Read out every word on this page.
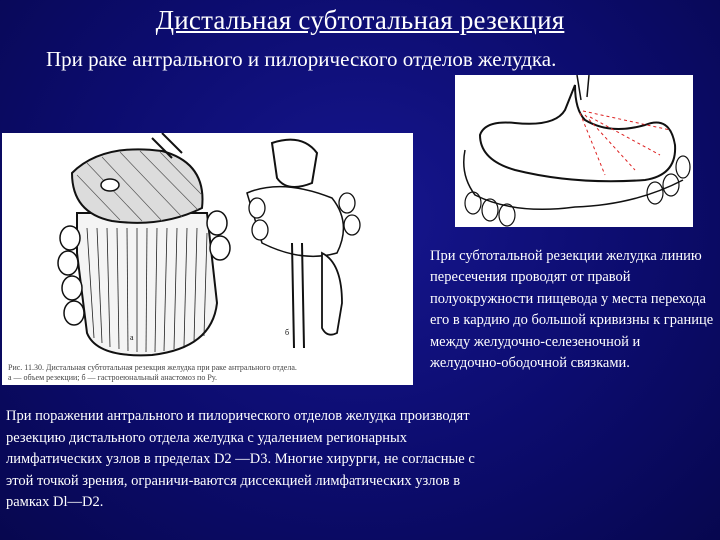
Дистальная субтотальная резекция
При раке антрального и пилорического отделов желудка.
а
б
Рис. 11.30. Дистальная субтотальная резекция желудка при раке антрального отдела.
а — объем резекции; б — гастроеюнальный анастомоз по Ру.
При субтотальной резекции желудка линию пересечения проводят от правой полуокружности пищевода у места перехода его в кардию до большой кривизны к границе между желудочно-селезеночной и желудочно-ободочной связками.
При поражении антрального и пилорического отделов желудка производят резекцию дистального отдела желудка с удалением регионарных лимфатических узлов в пределах D2 —D3. Многие хирурги, не согласные с этой точкой зрения, ограничи-ваются диссекцией лимфатических узлов в рамках Dl—D2.
